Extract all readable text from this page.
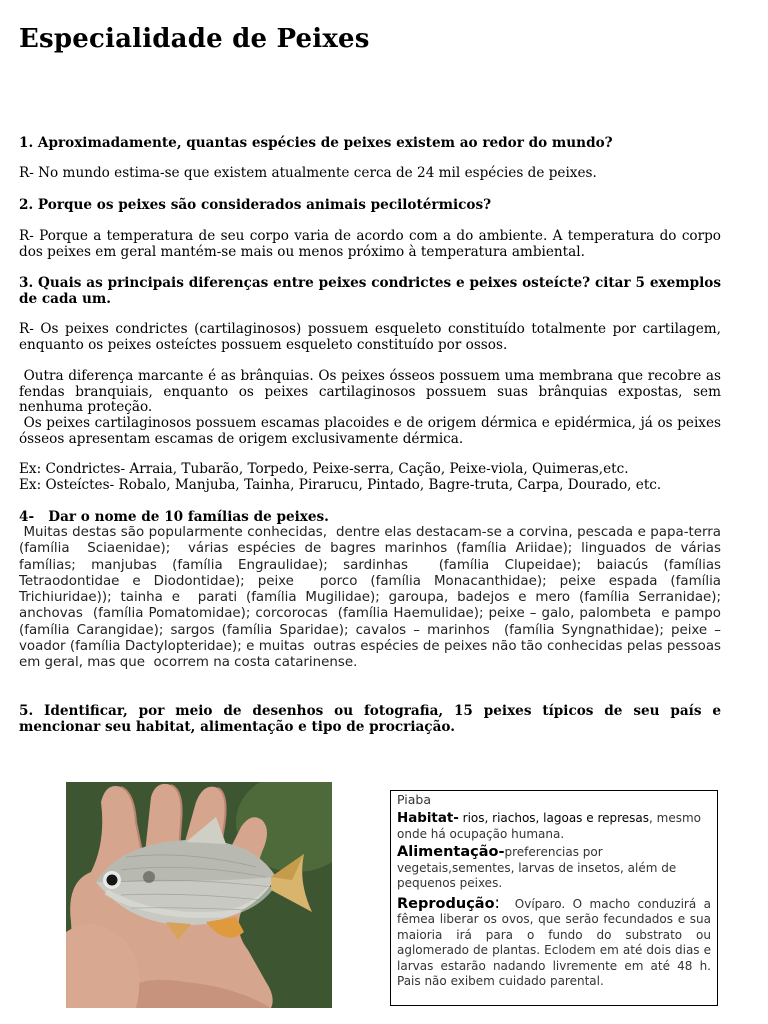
Especialidade de Peixes

1. Aproximadamente, quantas espécies de peixes existem ao redor do mundo?

R- No mundo estima-se que existem atualmente cerca de 24 mil espécies de peixes.

2. Porque os peixes são considerados animais pecilotérmicos?

R- Porque a temperatura de seu corpo varia de acordo com a do ambiente. A temperatura do corpo dos peixes em geral mantém-se mais ou menos próximo à temperatura ambiental.

3. Quais as principais diferenças entre peixes condrictes e peixes osteícte? citar 5 exemplos de cada um.

R- Os peixes condrictes (cartilaginosos) possuem esqueleto constituído totalmente por cartilagem, enquanto os peixes osteíctes possuem esqueleto constituído por ossos.

Outra diferença marcante é as brânquias. Os peixes ósseos possuem uma membrana que recobre as fendas branquiais, enquanto os peixes cartilaginosos possuem suas brânquias expostas, sem nenhuma proteção.

Os peixes cartilaginosos possuem escamas placoides e de origem dérmica e epidérmica, já os peixes ósseos apresentam escamas de origem exclusivamente dérmica.

Ex: Condrictes- Arraia, Tubarão, Torpedo, Peixe-serra, Cação, Peixe-viola, Quimeras,etc.

Ex: Osteíctes- Robalo, Manjuba, Tainha, Pirarucu, Pintado, Bagre-truta, Carpa, Dourado, etc.

4-   Dar o nome de 10 famílias de peixes.

Muitas destas são popularmente conhecidas,  dentre elas destacam-se a corvina, pescada e papa-terra (família  Sciaenidae);  várias espécies de bagres marinhos (família Ariidae); linguados de várias famílias; manjubas (família Engraulidae); sardinhas  (família Clupeidae); baiacús (famílias Tetraodontidae e Diodontidae); peixe  porco (família Monacanthidae); peixe espada (família Trichiuridae)); tainha e  parati (família Mugilidae); garoupa, badejos e mero (família Serranidae); anchovas  (família Pomatomidae); corcorocas  (família Haemulidae); peixe – galo, palombeta  e pampo (família Carangidae); sargos (família Sparidae); cavalos – marinhos  (família Syngnathidae); peixe – voador (família Dactylopteridae); e muitas  outras espécies de peixes não tão conhecidas pelas pessoas em geral, mas que  ocorrem na costa catarinense.

5. Identificar, por meio de desenhos ou fotografia, 15 peixes típicos de seu país e mencionar seu habitat, alimentação e tipo de procriação.

Piaba
Habitat- rios, riachos, lagoas e represas, mesmo onde há ocupação humana.
Alimentação-preferencias por vegetais,sementes, larvas de insetos, além de pequenos peixes.
Reprodução:  Ovíparo. O macho conduzirá a fêmea liberar os ovos, que serão fecundados e sua maioria irá para o fundo do substrato ou aglomerado de plantas. Eclodem em até dois dias e larvas estarão nadando livremente em até 48 h. Pais não exibem cuidado parental.
